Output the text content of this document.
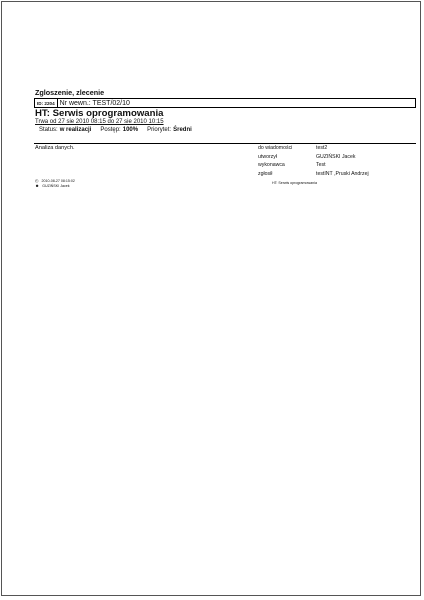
Zgloszenie, zlecenie
ID: 2204 Nr wewn.: TEST/02/10
HT: Serwis oprogramowania
Trwa od 27 sie 2010 08:15 do 27 sie 2010 10:15
Status: w realizacji Postęp: 100% Priorytet: Średni
Analiza danych.	do wiadomości	test2
utworzył	GUZIŃSKI Jacek
wykonawca	Test
zgłosił	testINT ,Pruski Andrzej
◴ 2010-08-27 08:15:02
☻ GUZIŃSKI Jacek
HT: Serwis oprogramowania
